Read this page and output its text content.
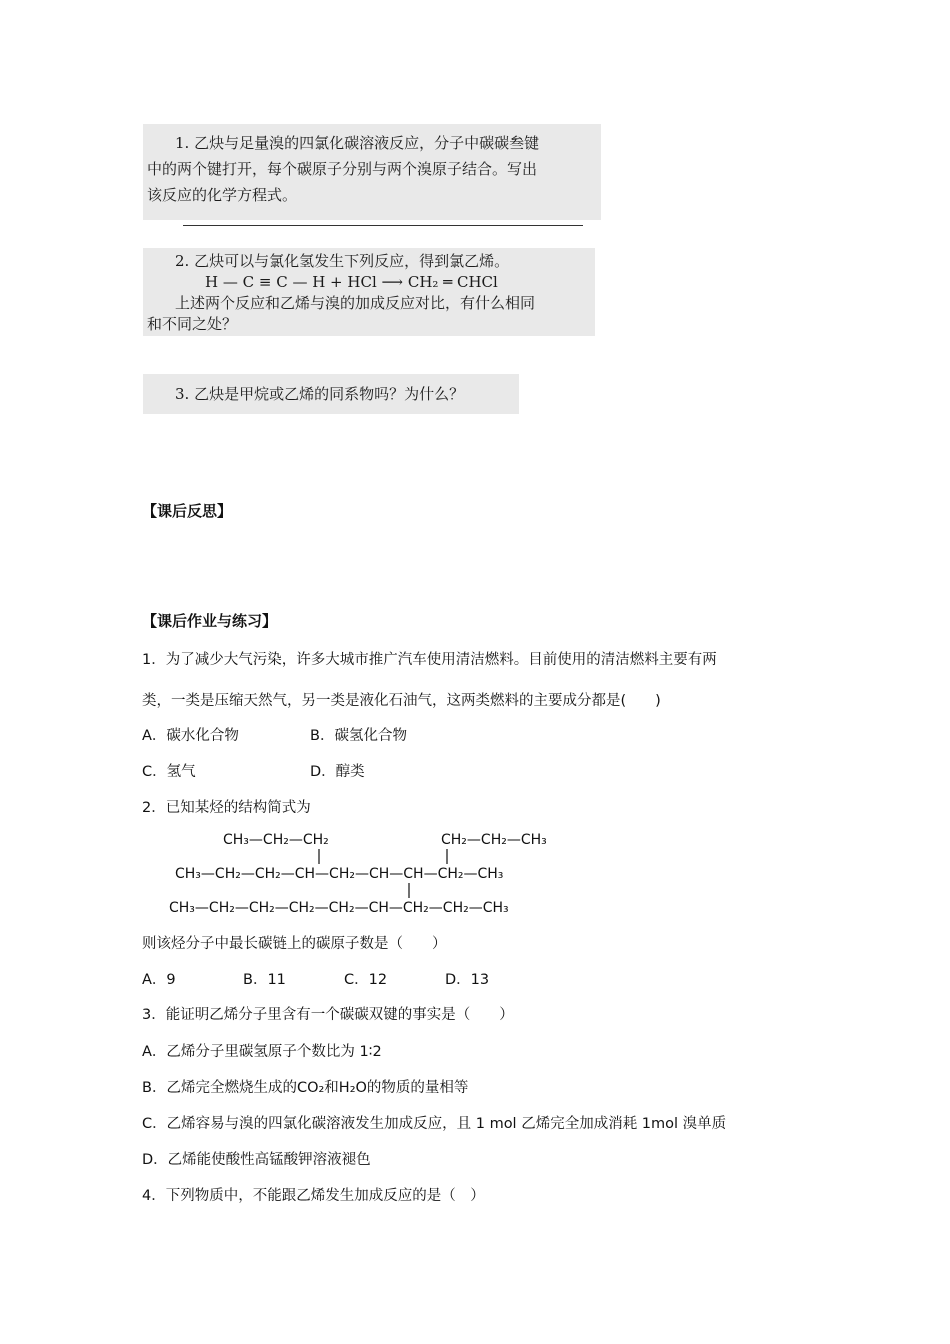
1. 乙炔与足量溴的四氯化碳溶液反应，分子中碳碳叁键
中的两个键打开，每个碳原子分别与两个溴原子结合。写出
该反应的化学方程式。
2. 乙炔可以与氯化氢发生下列反应，得到氯乙烯。
H — C ≡ C — H + HCl ⟶ CH₂ ═ CHCl
上述两个反应和乙烯与溴的加成反应对比，有什么相同
和不同之处？
3. 乙炔是甲烷或乙烯的同系物吗？为什么？
【课后反思】
【课后作业与练习】
1．为了减少大气污染，许多大城市推广汽车使用清洁燃料。目前使用的清洁燃料主要有两
类，一类是压缩天然气，另一类是液化石油气，这两类燃料的主要成分都是(　　)
A．碳水化合物	B．碳氢化合物
C．氢气	D．醇类
2．已知某烃的结构简式为
CH₃—CH₂—CH₂	CH₂—CH₂—CH₃
CH₃—CH₂—CH₂—CH—CH₂—CH—CH—CH₂—CH₃
CH₃—CH₂—CH₂—CH₂—CH₂—CH—CH₂—CH₂—CH₃
则该烃分子中最长碳链上的碳原子数是（　　）
A．9	B．11	C．12	D．13
3．能证明乙烯分子里含有一个碳碳双键的事实是（　　）
A．乙烯分子里碳氢原子个数比为 1∶2
B．乙烯完全燃烧生成的CO₂和H₂O的物质的量相等
C．乙烯容易与溴的四氯化碳溶液发生加成反应，且 1 mol 乙烯完全加成消耗 1mol 溴单质
D．乙烯能使酸性高锰酸钾溶液褪色
4．下列物质中，不能跟乙烯发生加成反应的是（　）
